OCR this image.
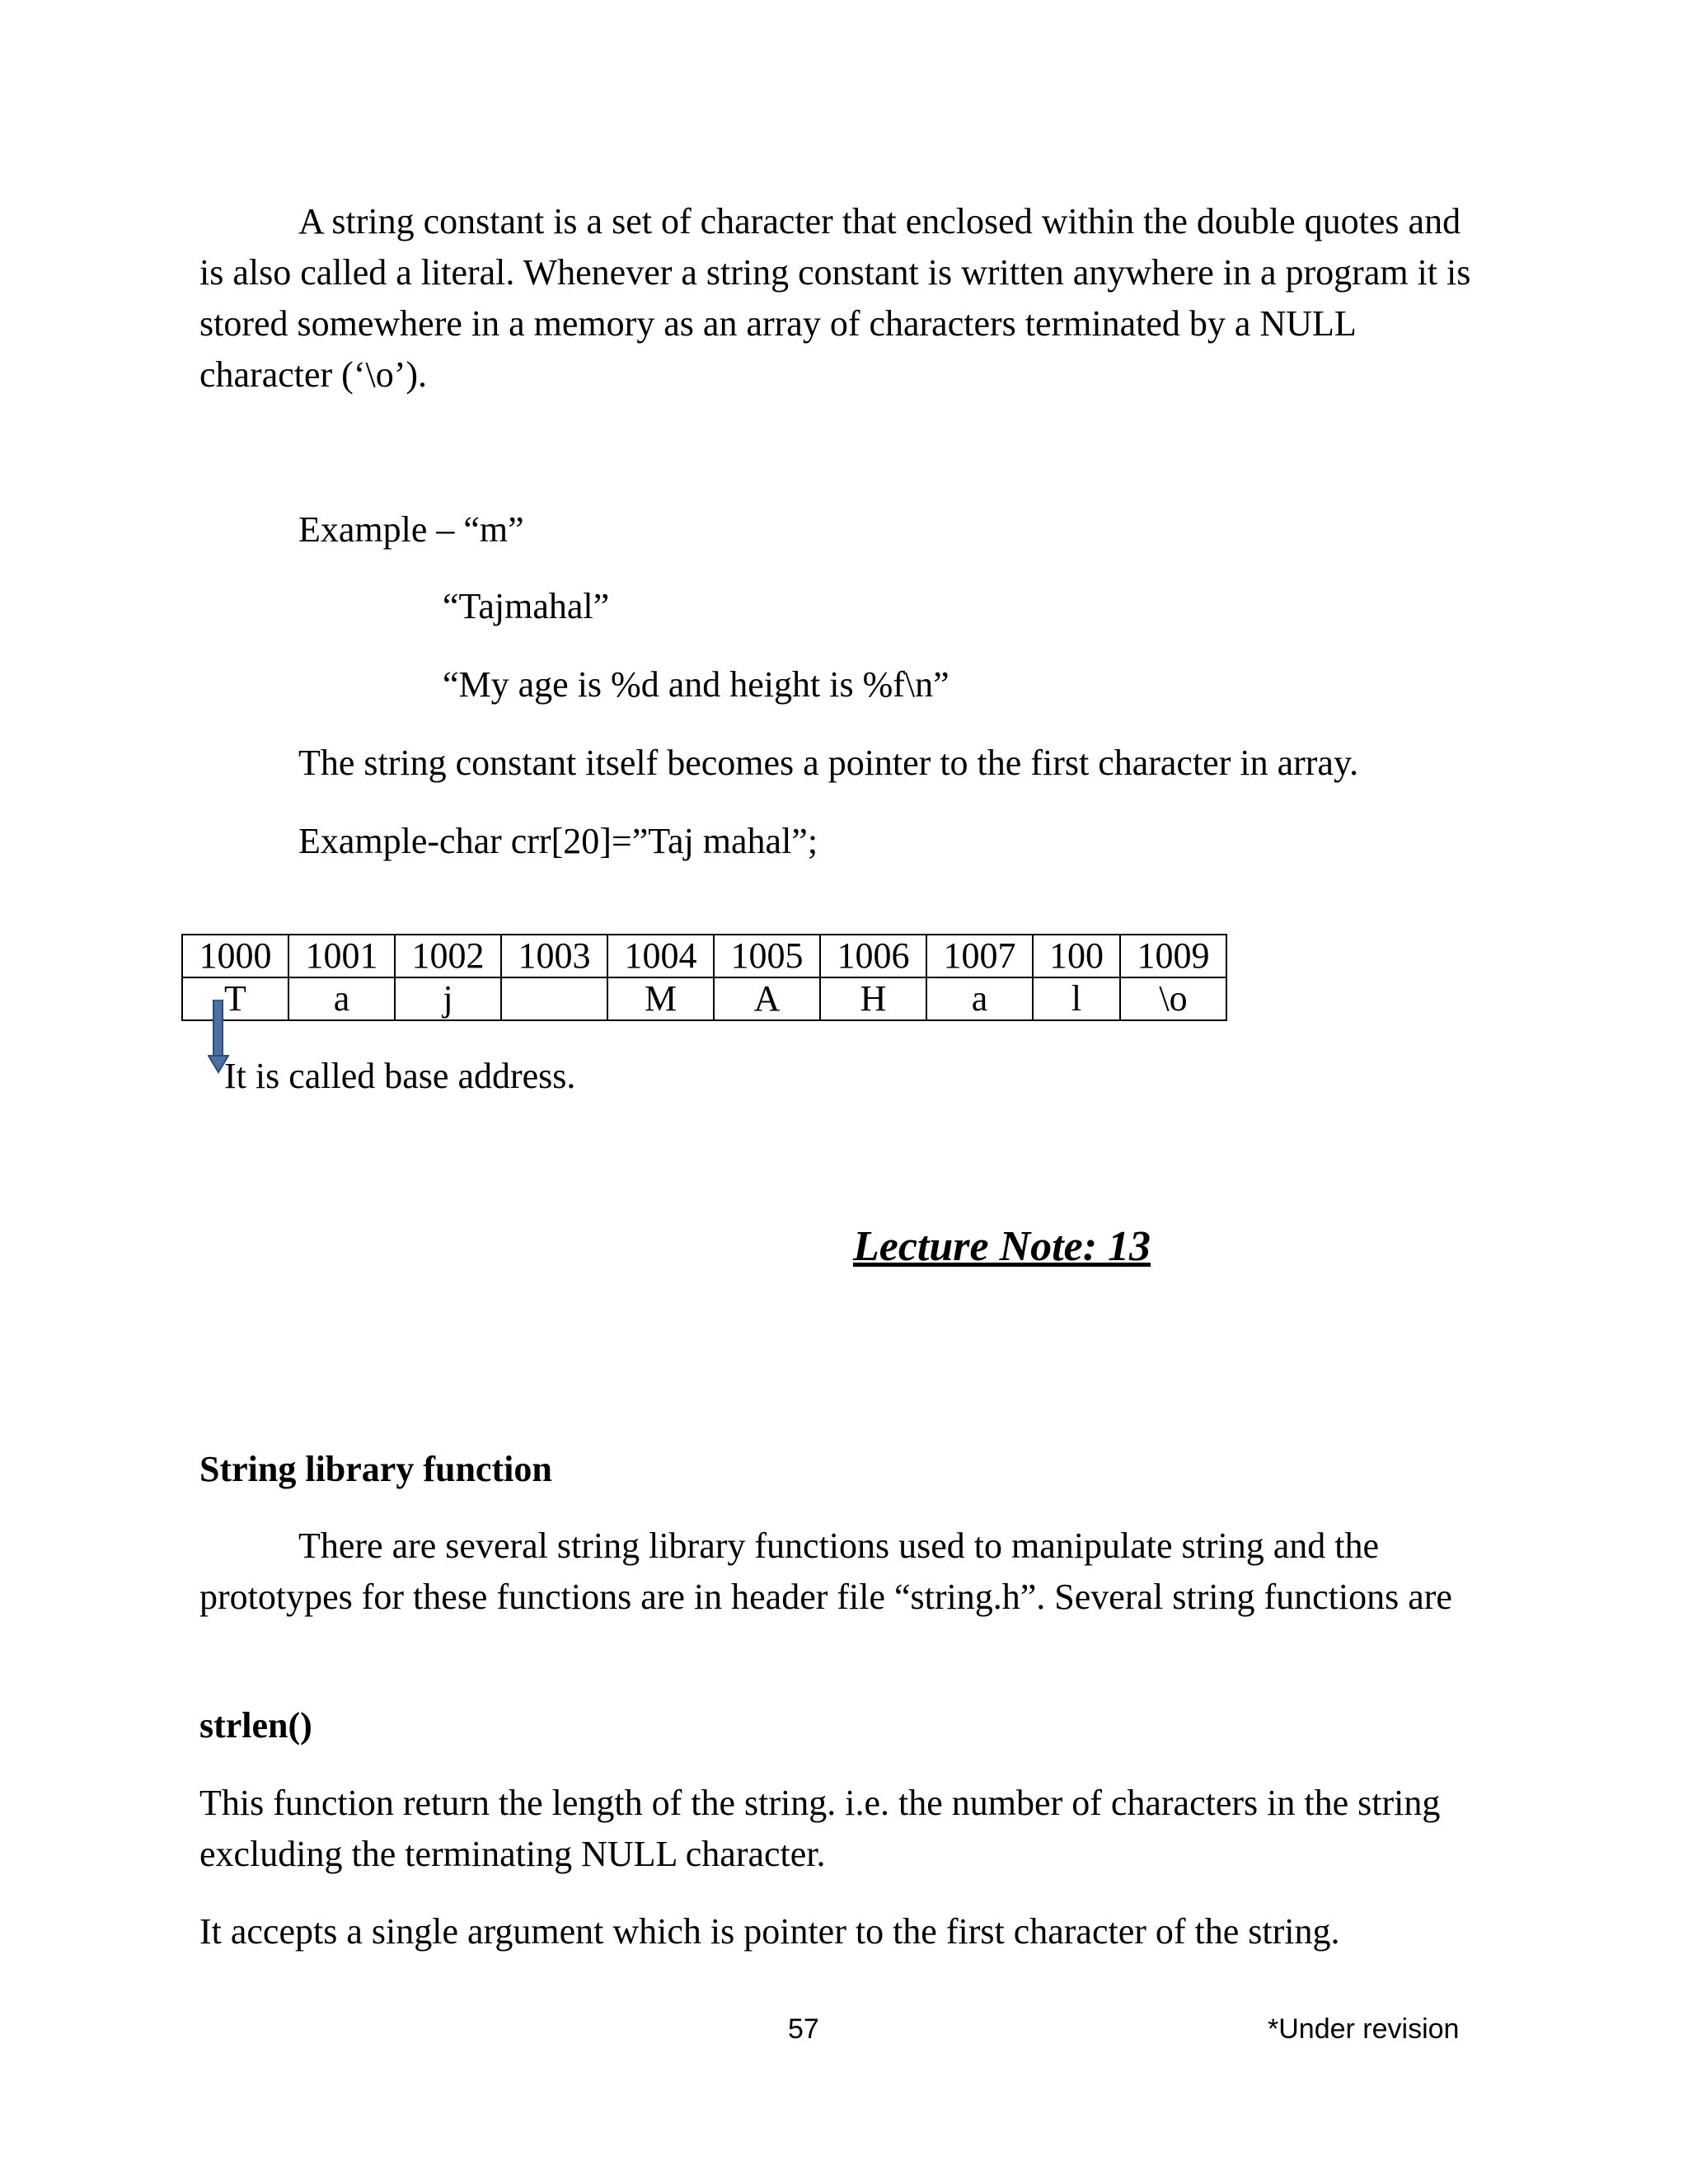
A string constant is a set of character that enclosed within the double quotes and is also called a literal. Whenever a string constant is written anywhere in a program it is stored somewhere in a memory as an array of characters terminated by a NULL character (‘\o’).
Example – “m”
“Tajmahal”
“My age is %d and height is %f\n”
The string constant itself becomes a pointer to the first character in array.
Example-char crr[20]=”Taj mahal”;
1000	1001	1002	1003	1004	1005	1006	1007	100	1009
T	a	j		M	A	H	a	l	\o
It is called base address.
Lecture Note: 13
String library function
There are several string library functions used to manipulate string and the prototypes for these functions are in header file “string.h”. Several string functions are
strlen()
This function return the length of the string. i.e. the number of characters in the string excluding the terminating NULL character.
It accepts a single argument which is pointer to the first character of the string.
57	*Under revision
